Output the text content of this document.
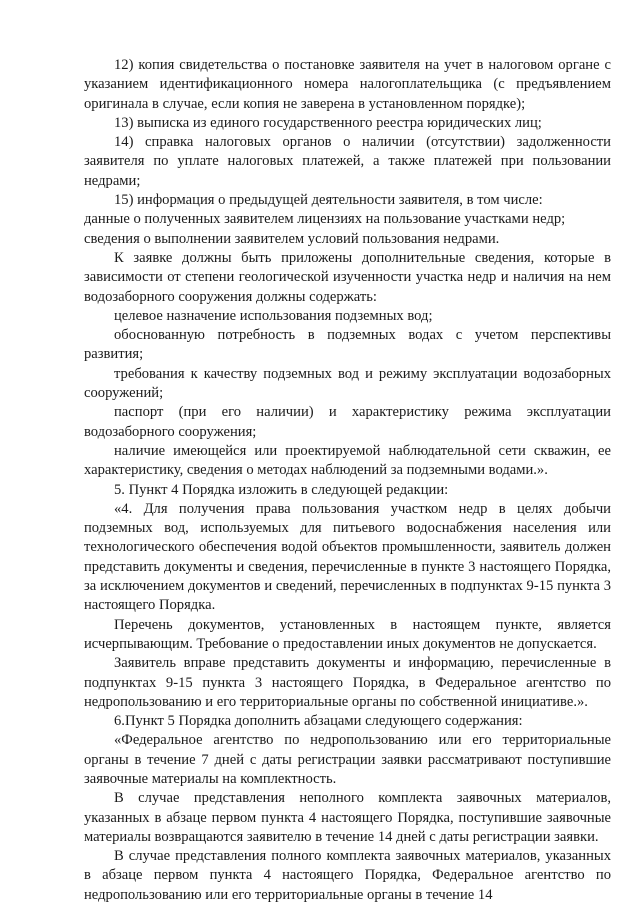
12) копия свидетельства о постановке заявителя на учет в налоговом органе с указанием идентификационного номера налогоплательщика (с предъявлением оригинала в случае, если копия не заверена в установленном порядке);

13) выписка из единого государственного реестра юридических лиц;

14) справка налоговых органов о наличии (отсутствии) задолженности заявителя по уплате налоговых платежей, а также платежей при пользовании недрами;

15) информация о предыдущей деятельности заявителя, в том числе:

данные о полученных заявителем лицензиях на пользование участками недр;

сведения о выполнении заявителем условий пользования недрами.

К заявке должны быть приложены дополнительные сведения, которые в зависимости от степени геологической изученности участка недр и наличия на нем водозаборного сооружения должны содержать:

целевое назначение использования подземных вод;

обоснованную потребность в подземных водах с учетом перспективы развития;

требования к качеству подземных вод и режиму эксплуатации водозаборных сооружений;

паспорт (при его наличии) и характеристику режима эксплуатации водозаборного сооружения;

наличие имеющейся или проектируемой наблюдательной сети скважин, ее характеристику, сведения о методах наблюдений за подземными водами.».

5. Пункт 4 Порядка изложить в следующей редакции:

«4. Для получения права пользования участком недр в целях добычи подземных вод, используемых для питьевого водоснабжения населения или технологического обеспечения водой объектов промышленности, заявитель должен представить документы и сведения, перечисленные в пункте 3 настоящего Порядка, за исключением документов и сведений, перечисленных в подпунктах 9-15 пункта 3 настоящего Порядка.

Перечень документов, установленных в настоящем пункте, является исчерпывающим. Требование о предоставлении иных документов не допускается.

Заявитель вправе представить документы и информацию, перечисленные в подпунктах 9-15 пункта 3 настоящего Порядка, в Федеральное агентство по недропользованию и его территориальные органы по собственной инициативе.».

6.Пункт 5 Порядка дополнить абзацами следующего содержания:

«Федеральное агентство по недропользованию или его территориальные органы в течение 7 дней с даты регистрации заявки рассматривают поступившие заявочные материалы на комплектность.

В случае представления неполного комплекта заявочных материалов, указанных в абзаце первом пункта 4 настоящего Порядка, поступившие заявочные материалы возвращаются заявителю в течение 14 дней с даты регистрации заявки.

В случае представления полного комплекта заявочных материалов, указанных в абзаце первом пункта 4 настоящего Порядка, Федеральное агентство по недропользованию или его территориальные органы в течение 14
